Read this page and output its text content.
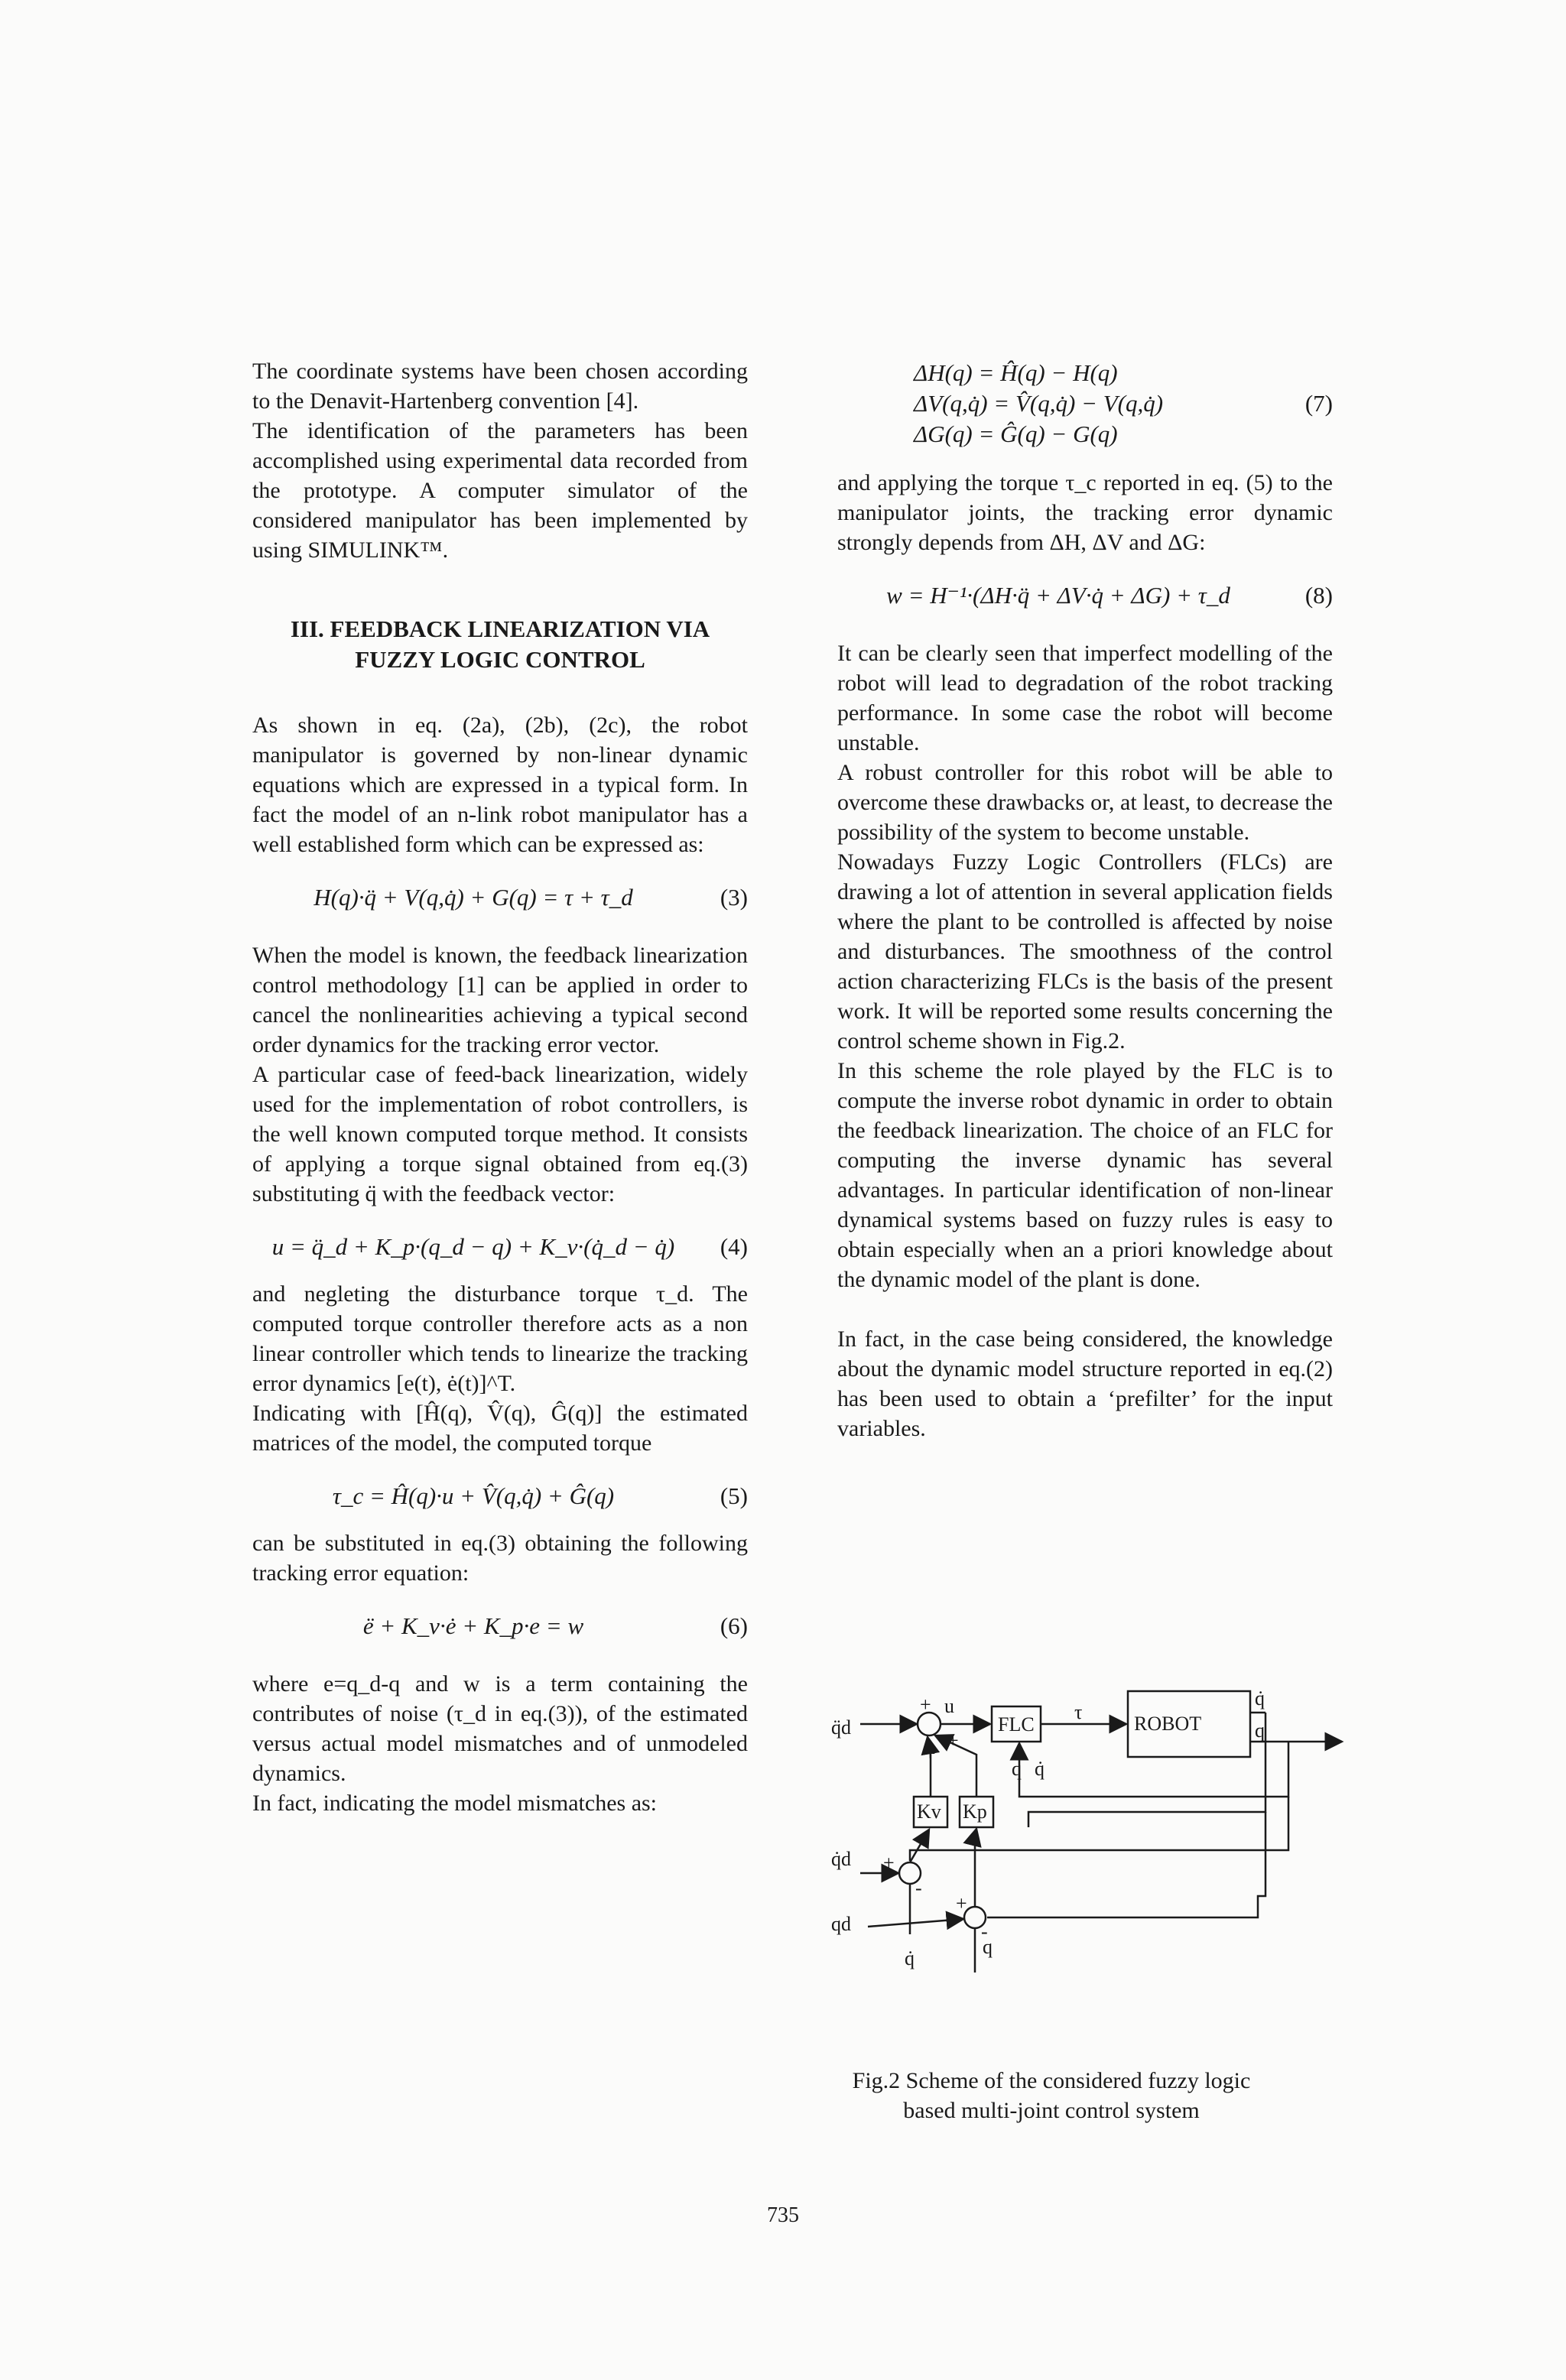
The coordinate systems have been chosen according to the Denavit-Hartenberg convention [4].

The identification of the parameters has been accomplished using experimental data recorded from the prototype. A computer simulator of the considered manipulator has been implemented by using SIMULINK™.

III. FEEDBACK LINEARIZATION VIA FUZZY LOGIC CONTROL

As shown in eq. (2a), (2b), (2c), the robot manipulator is governed by non-linear dynamic equations which are expressed in a typical form. In fact the model of an n-link robot manipulator has a well established form which can be expressed as:

H(q)·q̈ + V(q,q̇) + G(q) = τ + τ_d	(3)

When the model is known, the feedback linearization control methodology [1] can be applied in order to cancel the nonlinearities achieving a typical second order dynamics for the tracking error vector.

A particular case of feed-back linearization, widely used for the implementation of robot controllers, is the well known computed torque method. It consists of applying a torque signal obtained from eq.(3) substituting q̈ with the feedback vector:

u = q̈_d + K_p·(q_d − q) + K_v·(q̇_d − q̇)	(4)

and negleting the disturbance torque τ_d. The computed torque controller therefore acts as a non linear controller which tends to linearize the tracking error dynamics [e(t), ė(t)]^T.

Indicating with [Ĥ(q), V̂(q), Ĝ(q)] the estimated matrices of the model, the computed torque

τ_c = Ĥ(q)·u + V̂(q,q̇) + Ĝ(q)	(5)

can be substituted in eq.(3) obtaining the following tracking error equation:

ë + K_v·ė + K_p·e = w	(6)

where e=q_d-q and w is a term containing the contributes of noise (τ_d in eq.(3)), of the estimated versus actual model mismatches and of unmodeled dynamics.

In fact, indicating the model mismatches as:

ΔH(q) = Ĥ(q) − H(q)
ΔV(q,q̇) = V̂(q,q̇) − V(q,q̇)
ΔG(q) = Ĝ(q) − G(q)
(7)

and applying the torque τ_c reported in eq. (5) to the manipulator joints, the tracking error dynamic strongly depends from ΔH, ΔV and ΔG:

w = H⁻¹·(ΔH·q̈ + ΔV·q̇ + ΔG) + τ_d	(8)

It can be clearly seen that imperfect modelling of the robot will lead to degradation of the robot tracking performance. In some case the robot will become unstable.

A robust controller for this robot will be able to overcome these drawbacks or, at least, to decrease the possibility of the system to become unstable.

Nowadays Fuzzy Logic Controllers (FLCs) are drawing a lot of attention in several application fields where the plant to be controlled is affected by noise and disturbances. The smoothness of the control action characterizing FLCs is the basis of the present work. It will be reported some results concerning the control scheme shown in Fig.2.

In this scheme the role played by the FLC is to compute the inverse robot dynamic in order to obtain the feedback linearization. The choice of an FLC for computing the inverse dynamic has several advantages. In particular identification of non-linear dynamical systems based on fuzzy rules is easy to obtain especially when an a priori knowledge about the dynamic model of the plant is done.

In fact, in the case being considered, the knowledge about the dynamic model structure reported in eq.(2) has been used to obtain a ‘prefilter’ for the input variables.

q̈d
u
+
+
+
FLC
τ
ROBOT
q̇
q
Kv Kp
q q̇
q̇d
qd
+
+
-
-
q̇
q

Fig.2 Scheme of the considered fuzzy logic based multi-joint control system

735
